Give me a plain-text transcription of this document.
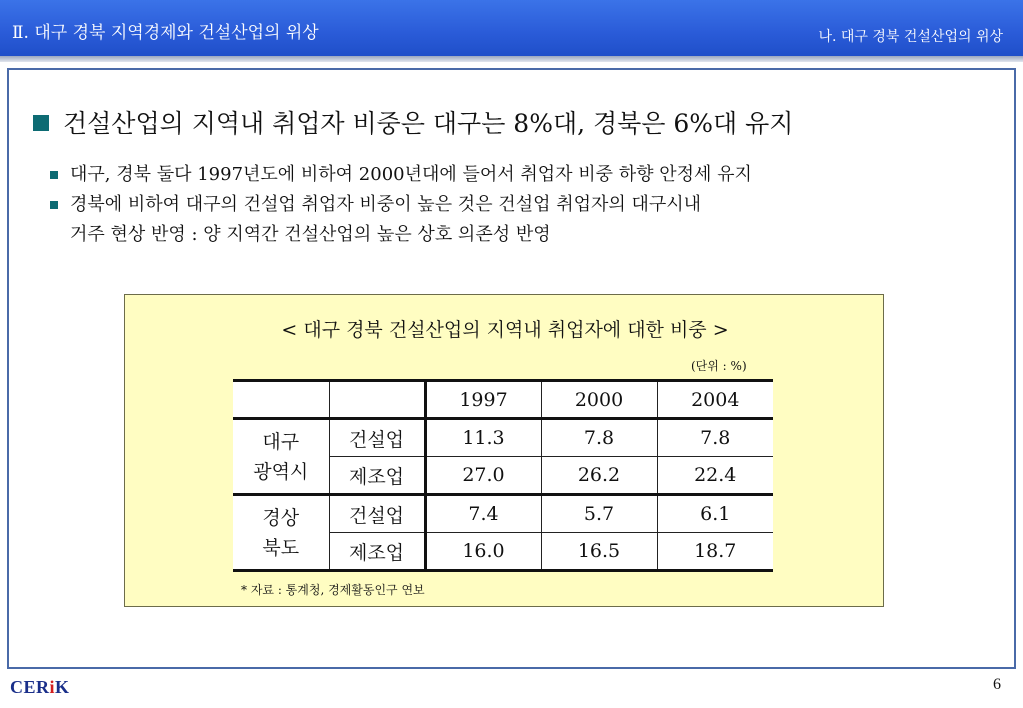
Ⅱ. 대구 경북 지역경제와 건설산업의 위상	나. 대구 경북 건설산업의 위상
건설산업의 지역내 취업자 비중은 대구는 8%대, 경북은 6%대 유지
대구, 경북 둘다 1997년도에 비하여 2000년대에 들어서 취업자 비중 하향 안정세 유지
경북에 비하여 대구의 건설업 취업자 비중이 높은 것은 건설업 취업자의 대구시내
거주 현상 반영 : 양 지역간 건설산업의 높은 상호 의존성 반영
< 대구 경북 건설산업의 지역내 취업자에 대한 비중 >
(단위 : %)
		1997	2000	2004
대구
광역시	건설업	11.3	7.8	7.8
	제조업	27.0	26.2	22.4
경상
북도	건설업	7.4	5.7	6.1
	제조업	16.0	16.5	18.7
* 자료 : 통계청, 경제활동인구 연보
CERiK	6
